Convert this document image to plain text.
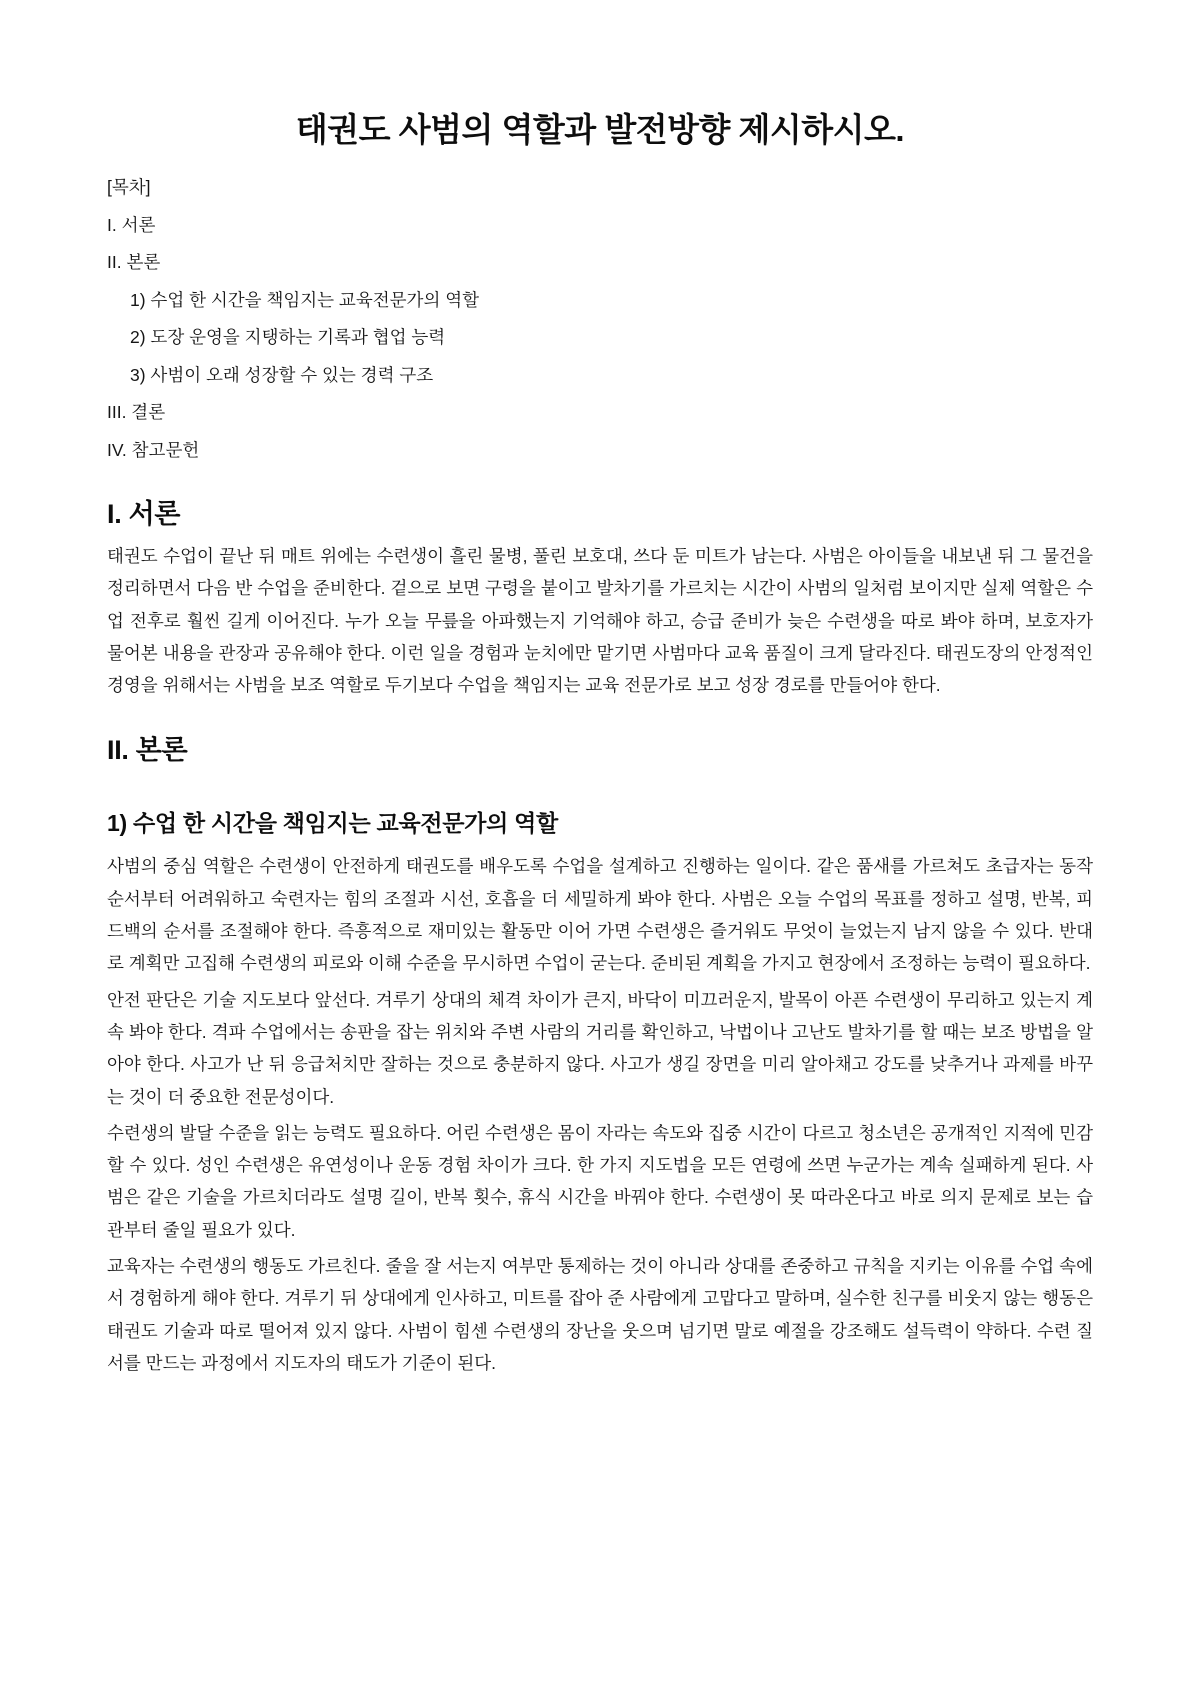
태권도 사범의 역할과 발전방향 제시하시오.
[목차]
I. 서론
II. 본론
1) 수업 한 시간을 책임지는 교육전문가의 역할
2) 도장 운영을 지탱하는 기록과 협업 능력
3) 사범이 오래 성장할 수 있는 경력 구조
III. 결론
IV. 참고문헌
I. 서론

태권도 수업이 끝난 뒤 매트 위에는 수련생이 흘린 물병, 풀린 보호대, 쓰다 둔 미트가 남는다. 사범은 아이들을 내보낸 뒤 그 물건을 정리하면서 다음 반 수업을 준비한다. 겉으로 보면 구령을 붙이고 발차기를 가르치는 시간이 사범의 일처럼 보이지만 실제 역할은 수업 전후로 훨씬 길게 이어진다. 누가 오늘 무릎을 아파했는지 기억해야 하고, 승급 준비가 늦은 수련생을 따로 봐야 하며, 보호자가 물어본 내용을 관장과 공유해야 한다. 이런 일을 경험과 눈치에만 맡기면 사범마다 교육 품질이 크게 달라진다. 태권도장의 안정적인 경영을 위해서는 사범을 보조 역할로 두기보다 수업을 책임지는 교육 전문가로 보고 성장 경로를 만들어야 한다.

II. 본론
1) 수업 한 시간을 책임지는 교육전문가의 역할

사범의 중심 역할은 수련생이 안전하게 태권도를 배우도록 수업을 설계하고 진행하는 일이다. 같은 품새를 가르쳐도 초급자는 동작 순서부터 어려워하고 숙련자는 힘의 조절과 시선, 호흡을 더 세밀하게 봐야 한다. 사범은 오늘 수업의 목표를 정하고 설명, 반복, 피드백의 순서를 조절해야 한다. 즉흥적으로 재미있는 활동만 이어 가면 수련생은 즐거워도 무엇이 늘었는지 남지 않을 수 있다. 반대로 계획만 고집해 수련생의 피로와 이해 수준을 무시하면 수업이 굳는다. 준비된 계획을 가지고 현장에서 조정하는 능력이 필요하다.

안전 판단은 기술 지도보다 앞선다. 겨루기 상대의 체격 차이가 큰지, 바닥이 미끄러운지, 발목이 아픈 수련생이 무리하고 있는지 계속 봐야 한다. 격파 수업에서는 송판을 잡는 위치와 주변 사람의 거리를 확인하고, 낙법이나 고난도 발차기를 할 때는 보조 방법을 알아야 한다. 사고가 난 뒤 응급처치만 잘하는 것으로 충분하지 않다. 사고가 생길 장면을 미리 알아채고 강도를 낮추거나 과제를 바꾸는 것이 더 중요한 전문성이다.

수련생의 발달 수준을 읽는 능력도 필요하다. 어린 수련생은 몸이 자라는 속도와 집중 시간이 다르고 청소년은 공개적인 지적에 민감할 수 있다. 성인 수련생은 유연성이나 운동 경험 차이가 크다. 한 가지 지도법을 모든 연령에 쓰면 누군가는 계속 실패하게 된다. 사범은 같은 기술을 가르치더라도 설명 길이, 반복 횟수, 휴식 시간을 바꿔야 한다. 수련생이 못 따라온다고 바로 의지 문제로 보는 습관부터 줄일 필요가 있다.

교육자는 수련생의 행동도 가르친다. 줄을 잘 서는지 여부만 통제하는 것이 아니라 상대를 존중하고 규칙을 지키는 이유를 수업 속에서 경험하게 해야 한다. 겨루기 뒤 상대에게 인사하고, 미트를 잡아 준 사람에게 고맙다고 말하며, 실수한 친구를 비웃지 않는 행동은 태권도 기술과 따로 떨어져 있지 않다. 사범이 힘센 수련생의 장난을 웃으며 넘기면 말로 예절을 강조해도 설득력이 약하다. 수련 질서를 만드는 과정에서 지도자의 태도가 기준이 된다.
